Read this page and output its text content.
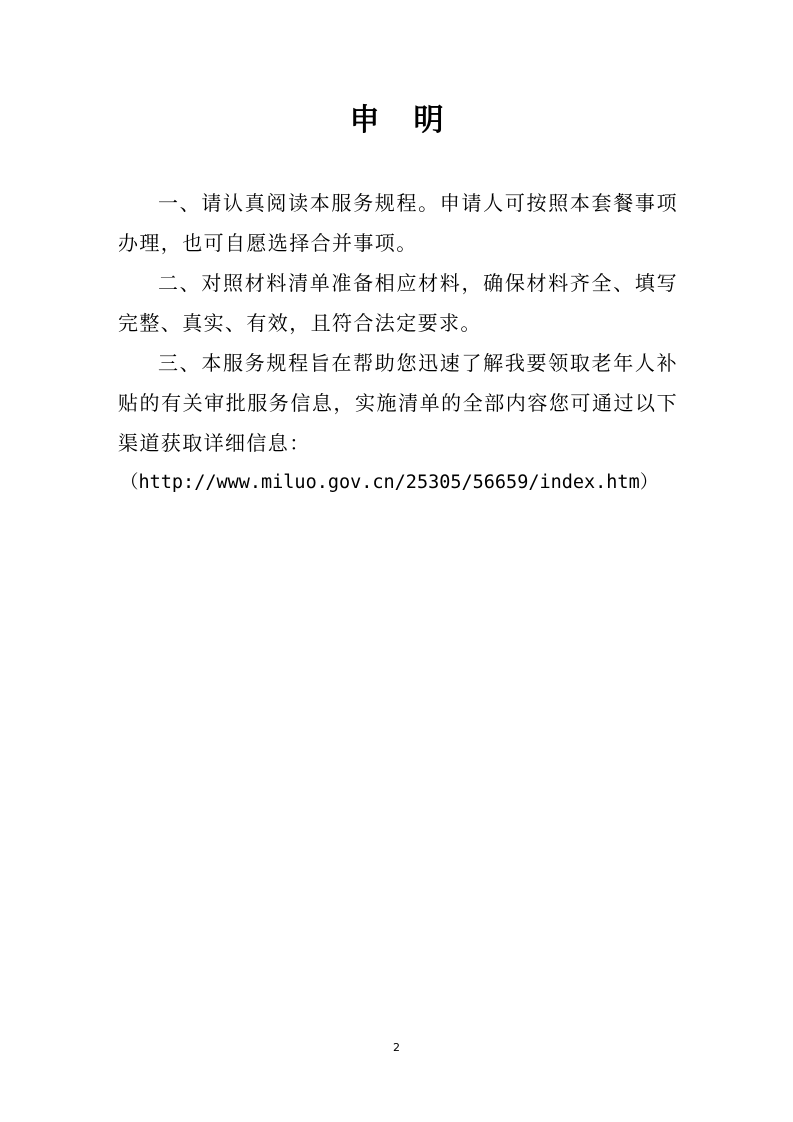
申 明

一、请认真阅读本服务规程。申请人可按照本套餐事项办理，也可自愿选择合并事项。

二、对照材料清单准备相应材料，确保材料齐全、填写完整、真实、有效，且符合法定要求。

三、本服务规程旨在帮助您迅速了解我要领取老年人补贴的有关审批服务信息，实施清单的全部内容您可通过以下渠道获取详细信息：

（http://www.miluo.gov.cn/25305/56659/index.htm）

2
